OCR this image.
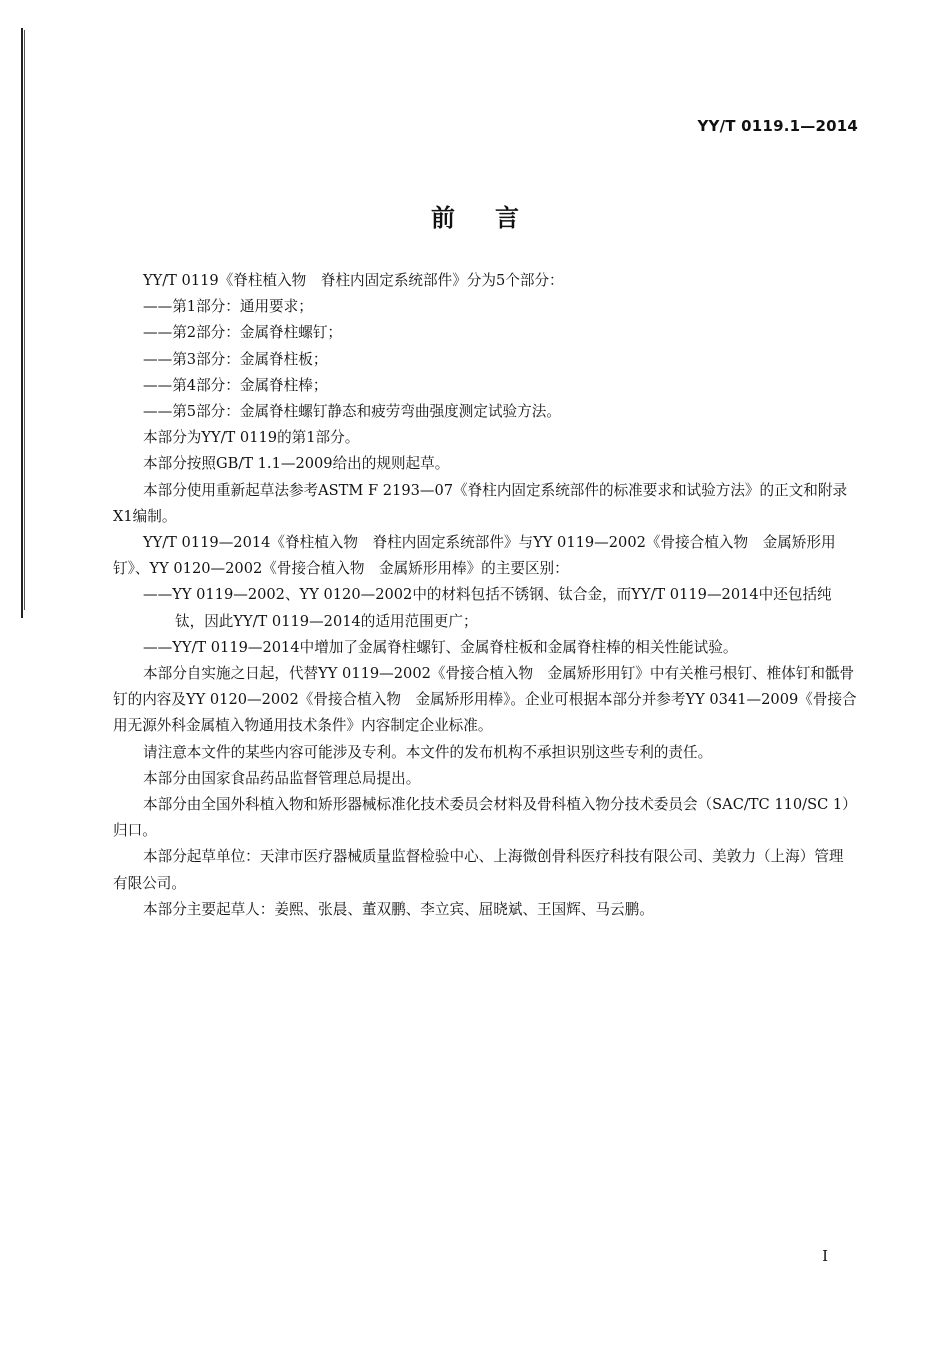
YY/T 0119.1—2014
前言

YY/T 0119《脊柱植入物　脊柱内固定系统部件》分为5个部分：

——第1部分：通用要求；

——第2部分：金属脊柱螺钉；

——第3部分：金属脊柱板；

——第4部分：金属脊柱棒；

——第5部分：金属脊柱螺钉静态和疲劳弯曲强度测定试验方法。

本部分为YY/T 0119的第1部分。

本部分按照GB/T 1.1—2009给出的规则起草。

本部分使用重新起草法参考ASTM F 2193—07《脊柱内固定系统部件的标准要求和试验方法》的正文和附录X1编制。

YY/T 0119—2014《脊柱植入物　脊柱内固定系统部件》与YY 0119—2002《骨接合植入物　金属矫形用钉》、YY 0120—2002《骨接合植入物　金属矫形用棒》的主要区别：

——YY 0119—2002、YY 0120—2002中的材料包括不锈钢、钛合金，而YY/T 0119—2014中还包括纯钛，因此YY/T 0119—2014的适用范围更广；

——YY/T 0119—2014中增加了金属脊柱螺钉、金属脊柱板和金属脊柱棒的相关性能试验。

本部分自实施之日起，代替YY 0119—2002《骨接合植入物　金属矫形用钉》中有关椎弓根钉、椎体钉和骶骨钉的内容及YY 0120—2002《骨接合植入物　金属矫形用棒》。企业可根据本部分并参考YY 0341—2009《骨接合用无源外科金属植入物通用技术条件》内容制定企业标准。

请注意本文件的某些内容可能涉及专利。本文件的发布机构不承担识别这些专利的责任。

本部分由国家食品药品监督管理总局提出。

本部分由全国外科植入物和矫形器械标准化技术委员会材料及骨科植入物分技术委员会（SAC/TC 110/SC 1）归口。

本部分起草单位：天津市医疗器械质量监督检验中心、上海微创骨科医疗科技有限公司、美敦力（上海）管理有限公司。

本部分主要起草人：姜熙、张晨、董双鹏、李立宾、屈晓斌、王国辉、马云鹏。

I
